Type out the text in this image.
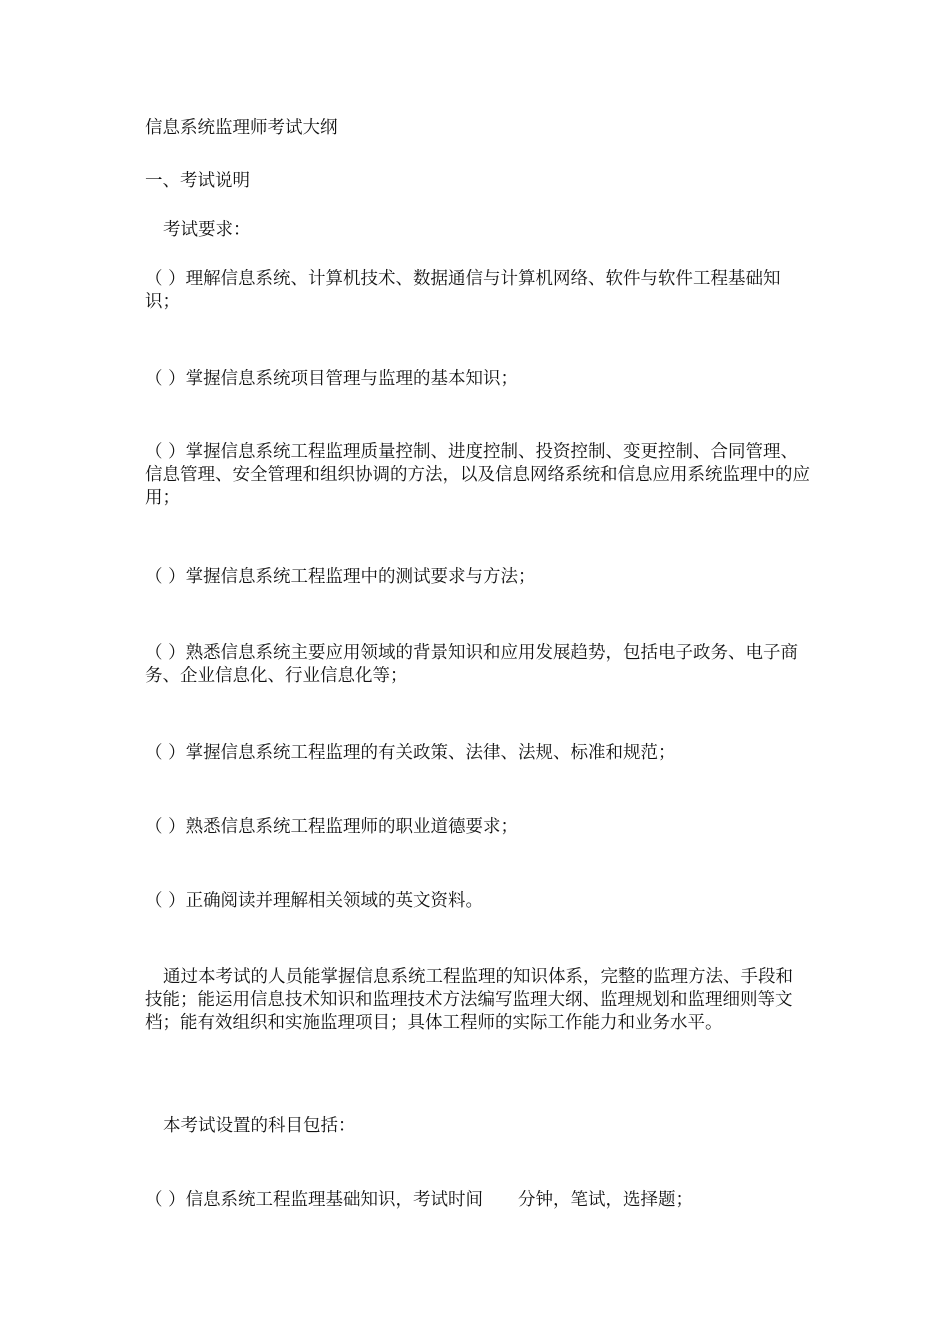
信息系统监理师考试大纲
一、考试说明
考试要求：
（ ）理解信息系统、计算机技术、数据通信与计算机网络、软件与软件工程基础知识；
（ ）掌握信息系统项目管理与监理的基本知识；
（ ）掌握信息系统工程监理质量控制、进度控制、投资控制、变更控制、合同管理、信息管理、安全管理和组织协调的方法，以及信息网络系统和信息应用系统监理中的应用；
（ ）掌握信息系统工程监理中的测试要求与方法；
（ ）熟悉信息系统主要应用领域的背景知识和应用发展趋势，包括电子政务、电子商务、企业信息化、行业信息化等；
（ ）掌握信息系统工程监理的有关政策、法律、法规、标准和规范；
（ ）熟悉信息系统工程监理师的职业道德要求；
（ ）正确阅读并理解相关领域的英文资料。
通过本考试的人员能掌握信息系统工程监理的知识体系，完整的监理方法、手段和技能；能运用信息技术知识和监理技术方法编写监理大纲、监理规划和监理细则等文档；能有效组织和实施监理项目；具体工程师的实际工作能力和业务水平。
本考试设置的科目包括：
（ ）信息系统工程监理基础知识，考试时间　　分钟，笔试，选择题；
